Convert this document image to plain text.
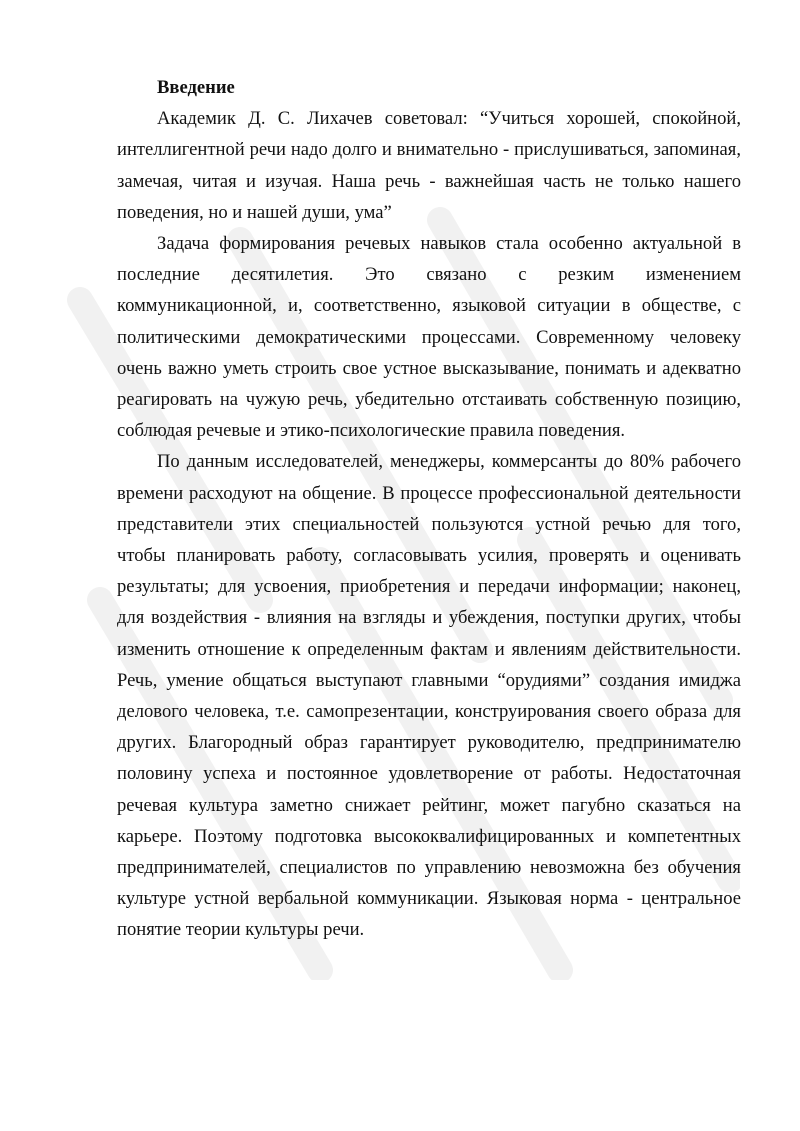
Введение

Академик Д. С. Лихачев советовал: “Учиться хорошей, спокойной, интеллигентной речи надо долго и внимательно - прислушиваться, запоминая, замечая, читая и изучая. Наша речь - важнейшая часть не только нашего поведения, но и нашей души, ума”

Задача формирования речевых навыков стала особенно актуальной в последние десятилетия. Это связано с резким изменением коммуникационной, и, соответственно, языковой ситуации в обществе, с политическими демократическими процессами. Современному человеку очень важно уметь строить свое устное высказывание, понимать и адекватно реагировать на чужую речь, убедительно отстаивать собственную позицию, соблюдая речевые и этико-психологические правила поведения.

По данным исследователей, менеджеры, коммерсанты до 80% рабочего времени расходуют на общение. В процессе профессиональной деятельности представители этих специальностей пользуются устной речью для того, чтобы планировать работу, согласовывать усилия, проверять и оценивать результаты; для усвоения, приобретения и передачи информации; наконец, для воздействия - влияния на взгляды и убеждения, поступки других, чтобы изменить отношение к определенным фактам и явлениям действительности. Речь, умение общаться выступают главными “орудиями” создания имиджа делового человека, т.е. самопрезентации, конструирования своего образа для других. Благородный образ гарантирует руководителю, предпринимателю половину успеха и постоянное удовлетворение от работы. Недостаточная речевая культура заметно снижает рейтинг, может пагубно сказаться на карьере. Поэтому подготовка высококвалифицированных и компетентных предпринимателей, специалистов по управлению невозможна без обучения культуре устной вербальной коммуникации. Языковая норма - центральное понятие теории культуры речи.
